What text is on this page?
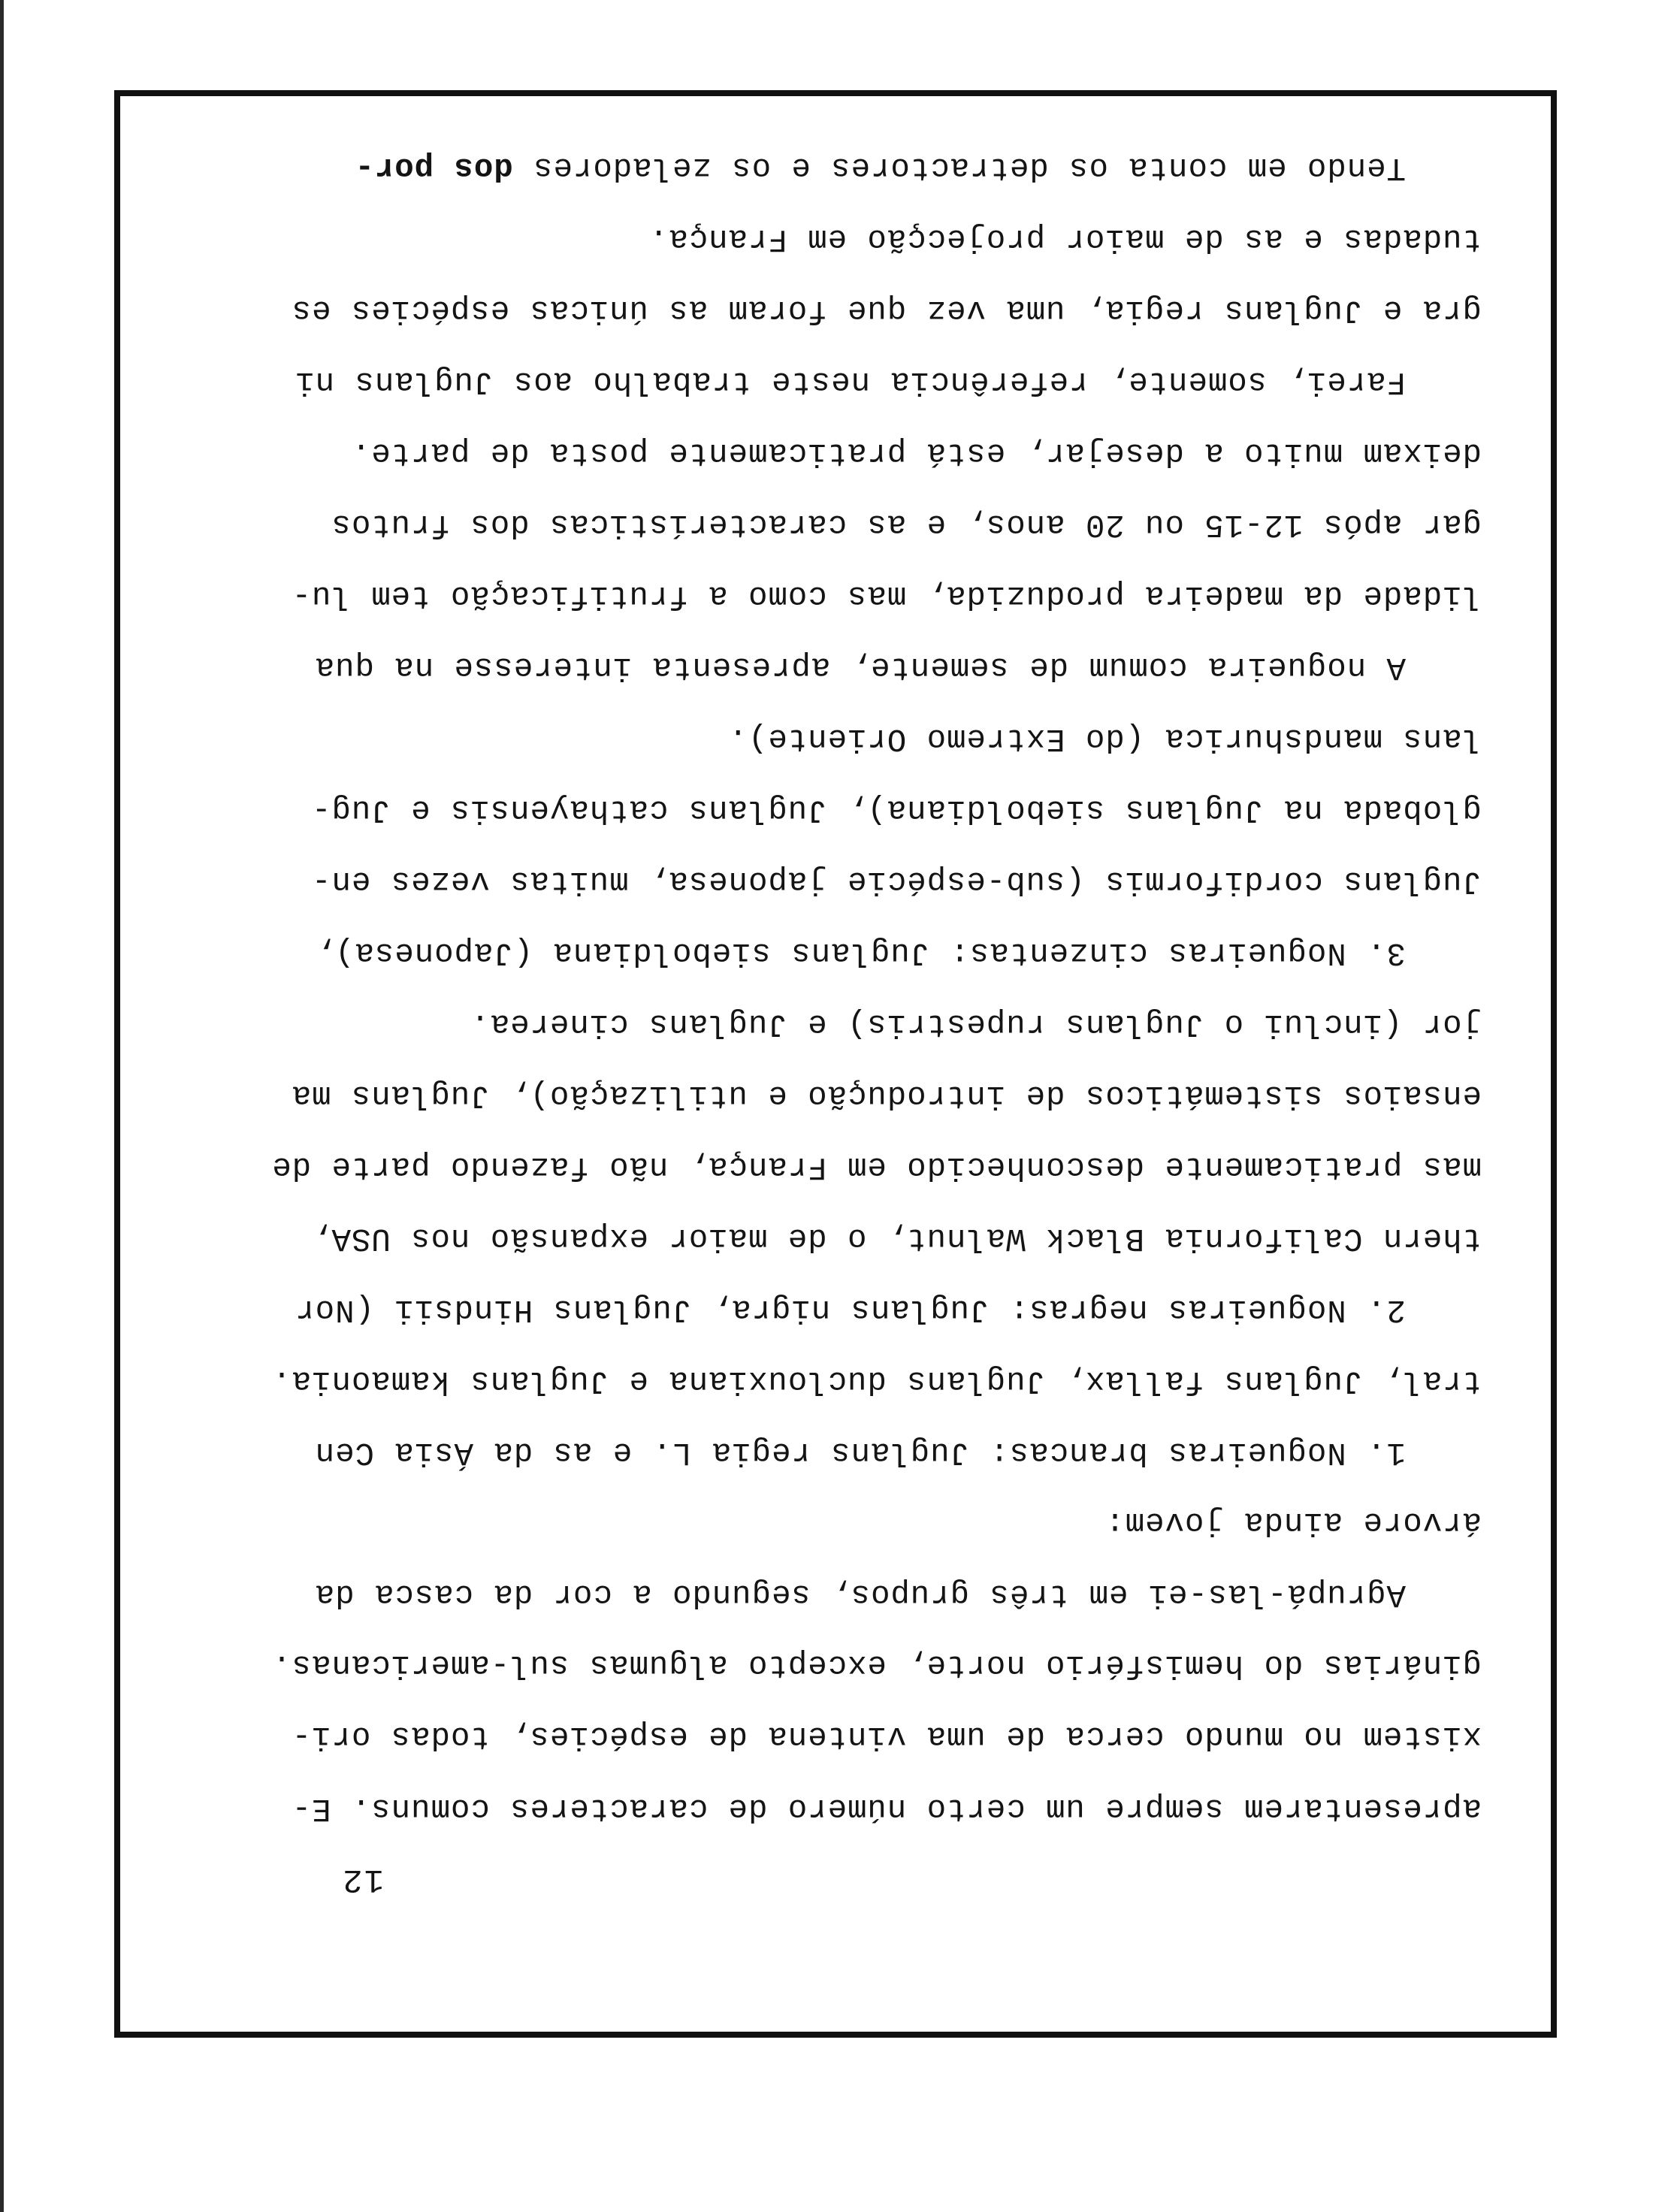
12
apresentarem sempre um certo número de caracteres comuns. E-
xistem no mundo cerca de uma vintena de espécies, todas ori-
ginárias do hemisfério norte, excepto algumas sul-americanas.
Agrupá-las-ei em três grupos, segundo a cor da casca da
árvore ainda jovem:
1. Nogueiras brancas: Juglans regia L. e as da Ásia Cen
tral, Juglans fallax, Juglans duclouxiana e Juglans kamaonia.
2. Nogueiras negras: Juglans nigra, Juglans Hindsii (Nor
thern California Black Walnut, o de maior expansão nos USA,
mas praticamente desconhecido em França, não fazendo parte de
ensaios sistemáticos de introdução e utilização), Juglans ma
jor (inclui o Juglans rupestris) e Juglans cinerea.
3. Nogueiras cinzentas: Juglans sieboldiana (Japonesa),
Juglans cordiformis (sub-espécie japonesa, muitas vezes en-
globada na Juglans sieboldiana), Juglans cathayensis e Jug-
lans mandshurica (do Extremo Oriente).
A nogueira comum de semente, apresenta interesse na qua
lidade da madeira produzida, mas como a frutificação tem lu-
gar após 12-15 ou 20 anos, e as características dos frutos
deixam muito a desejar, está praticamente posta de parte.
Farei, somente, referência neste trabalho aos Juglans ni
gra e Juglans regia, uma vez que foram as únicas espécies es
tudadas e as de maior projecção em França.
Tendo em conta os detractores e os zeladores dos por-
